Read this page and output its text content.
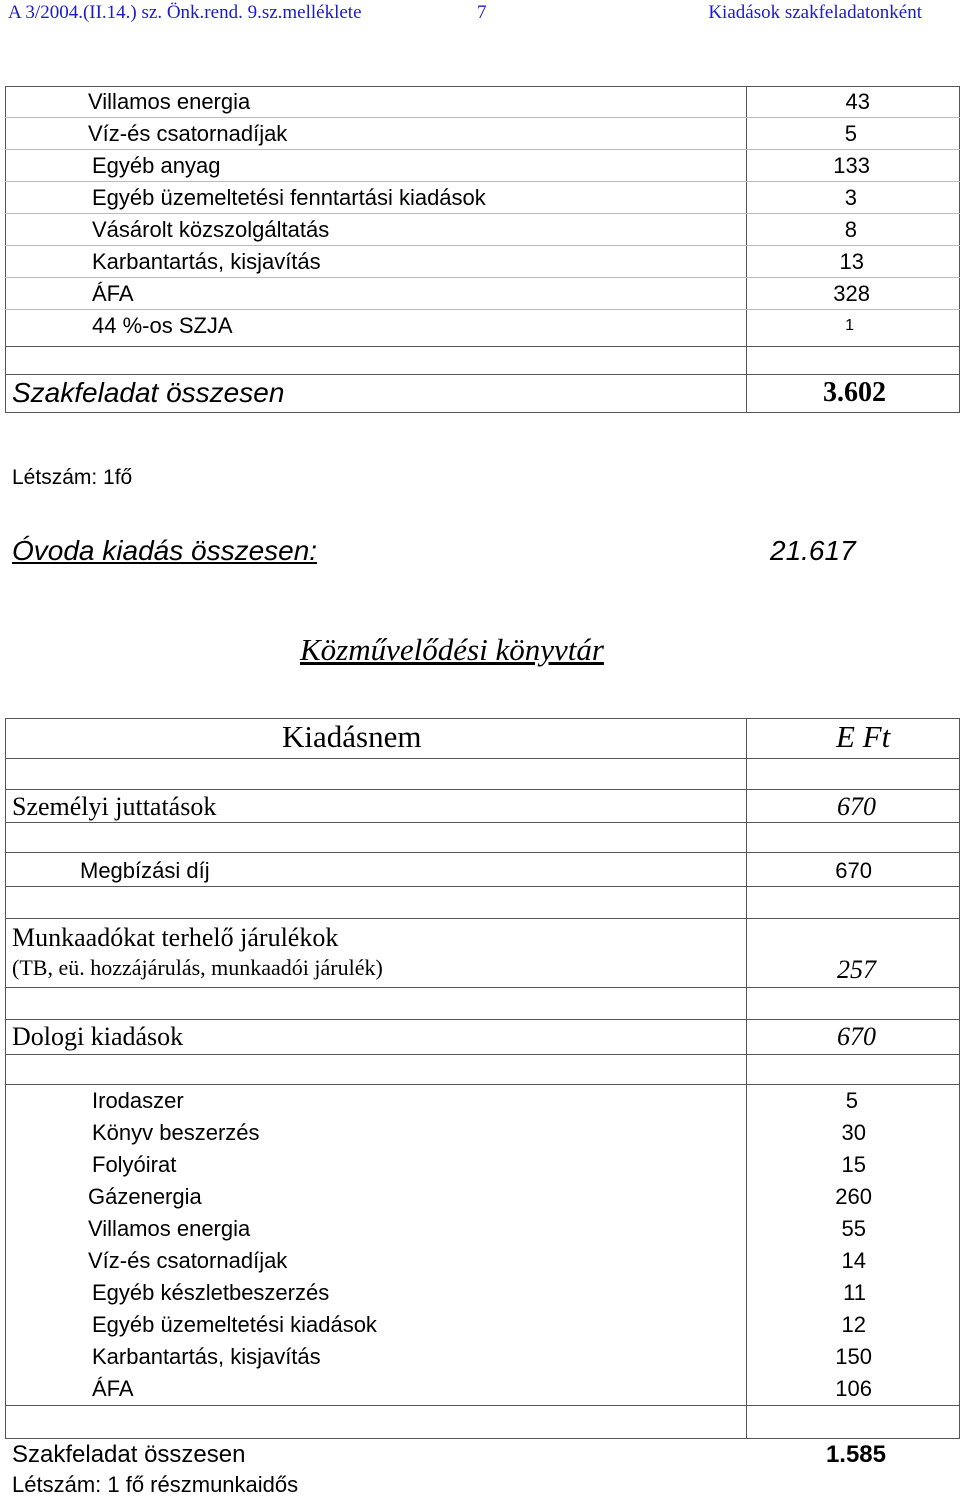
A 3/2004.(II.14.) sz. Önk.rend. 9.sz.melléklete	7	Kiadások szakfeladatonként
Villamos energia	43
Víz-és csatornadíjak	5
Egyéb anyag	133
Egyéb üzemeltetési fenntartási kiadások	3
Vásárolt közszolgáltatás	8
Karbantartás, kisjavítás	13
ÁFA	328
44 %-os SZJA	1
Szakfeladat összesen	3.602
Létszám: 1fő
Óvoda kiadás összesen:	21.617
Közművelődési könyvtár
Kiadásnem	E Ft
Személyi juttatások	670
Megbízási díj	670
Munkaadókat terhelő járulékok
(TB, eü. hozzájárulás, munkaadói járulék)	257
Dologi kiadások	670
Irodaszer	5
Könyv beszerzés	30
Folyóirat	15
Gázenergia	260
Villamos energia	55
Víz-és csatornadíjak	14
Egyéb készletbeszerzés	11
Egyéb üzemeltetési kiadások	12
Karbantartás, kisjavítás	150
ÁFA	106
Szakfeladat összesen	1.585
Létszám: 1 fő részmunkaidős
